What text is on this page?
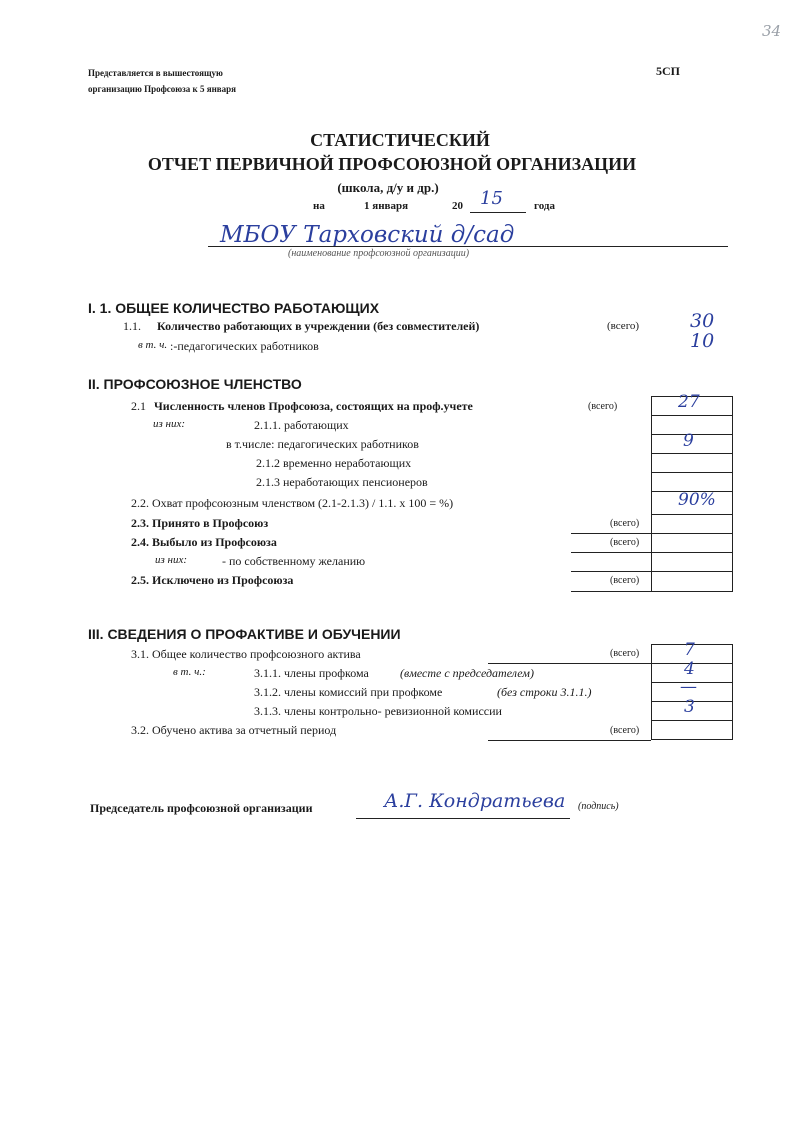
34
Представляется в вышестоящую
организацию Профсоюза к 5 января
5СП
СТАТИСТИЧЕСКИЙ
ОТЧЕТ ПЕРВИЧНОЙ ПРОФСОЮЗНОЙ ОРГАНИЗАЦИИ
(школа, д/у и др.)
на	1 января	20 15	года
МБОУ Тарховский д/сад
(наименование профсоюзной организации)
I. 1. ОБЩЕЕ КОЛИЧЕСТВО РАБОТАЮЩИХ
1.1. Количество работающих в учреждении (без совместителей)	(всего)	30
в т. ч. :-педагогических работников	10
II. ПРОФСОЮЗНОЕ ЧЛЕНСТВО
2.1 Численность членов Профсоюза, состоящих на проф.учете	(всего)	27
из них:	2.1.1. работающих
в т.числе: педагогических работников	9
2.1.2 временно неработающих
2.1.3 неработающих пенсионеров
2.2. Охват профсоюзным членством (2.1-2.1.3) / 1.1. х 100 = %)	90%
2.3. Принято в Профсоюз	(всего)
2.4. Выбыло из Профсоюза	(всего)
из них:	- по собственному желанию
2.5. Исключено из Профсоюза	(всего)
III. СВЕДЕНИЯ О ПРОФАКТИВЕ И ОБУЧЕНИИ
3.1. Общее количество профсоюзного актива	(всего)	7
в т. ч.:	3.1.1. члены профкома	(вместе с председателем)	4
3.1.2. члены комиссий при профкоме	(без строки 3.1.1.)	—
3.1.3. члены контрольно- ревизионной комиссии	3
3.2. Обучено актива за отчетный период	(всего)
Председатель профсоюзной организации	А.Г. Кондратьева (подпись)
